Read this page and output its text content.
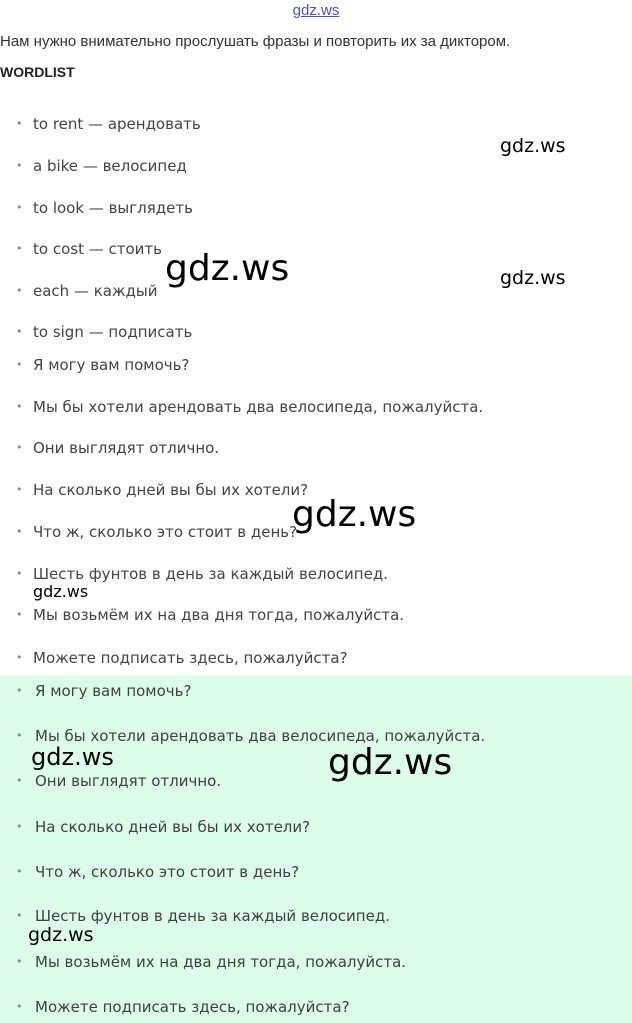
gdz.ws
Нам нужно внимательно прослушать фразы и повторить их за диктором.
WORDLIST
• to rent — арендовать
• a bike — велосипед
• to look — выглядеть
• to cost — стоить
• each — каждый
• to sign — подписать
• Я могу вам помочь?
• Мы бы хотели арендовать два велосипеда, пожалуйста.
• Они выглядят отлично.
• На сколько дней вы бы их хотели?
• Что ж, сколько это стоит в день?
• Шесть фунтов в день за каждый велосипед.
• Мы возьмём их на два дня тогда, пожалуйста.
• Можете подписать здесь, пожалуйста?
• Я могу вам помочь?
• Мы бы хотели арендовать два велосипеда, пожалуйста.
• Они выглядят отлично.
• На сколько дней вы бы их хотели?
• Что ж, сколько это стоит в день?
• Шесть фунтов в день за каждый велосипед.
• Мы возьмём их на два дня тогда, пожалуйста.
• Можете подписать здесь, пожалуйста?
gdz.ws
gdz.ws	gdz.ws
gdz.ws
gdz.ws
gdz.ws	gdz.ws
gdz.ws
